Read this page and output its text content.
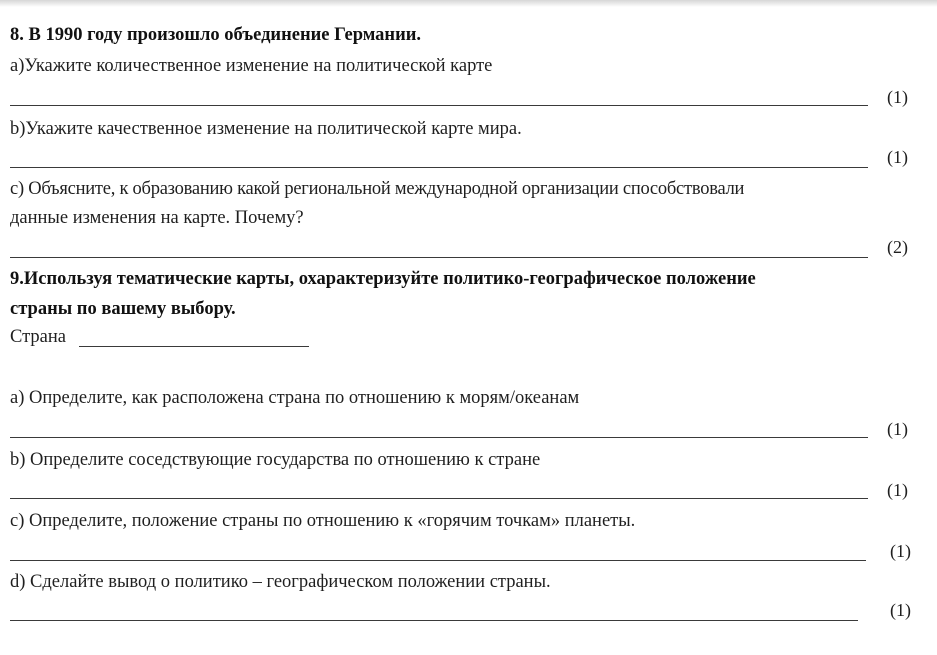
8. В 1990 году произошло объединение Германии.
а)Укажите количественное изменение на политической карте
(1)
b)Укажите качественное изменение на политической карте мира.
(1)
с) Объясните, к образованию какой региональной международной организации способствовали
данные изменения на карте. Почему?
(2)
9.Используя тематические карты, охарактеризуйте политико-географическое положение
страны по вашему выбору.
Страна
а) Определите, как расположена страна по отношению к морям/океанам
(1)
b) Определите соседствующие государства по отношению к стране
(1)
с) Определите, положение страны по отношению к «горячим точкам» планеты.
(1)
d) Сделайте вывод о политико – географическом положении страны.
(1)
